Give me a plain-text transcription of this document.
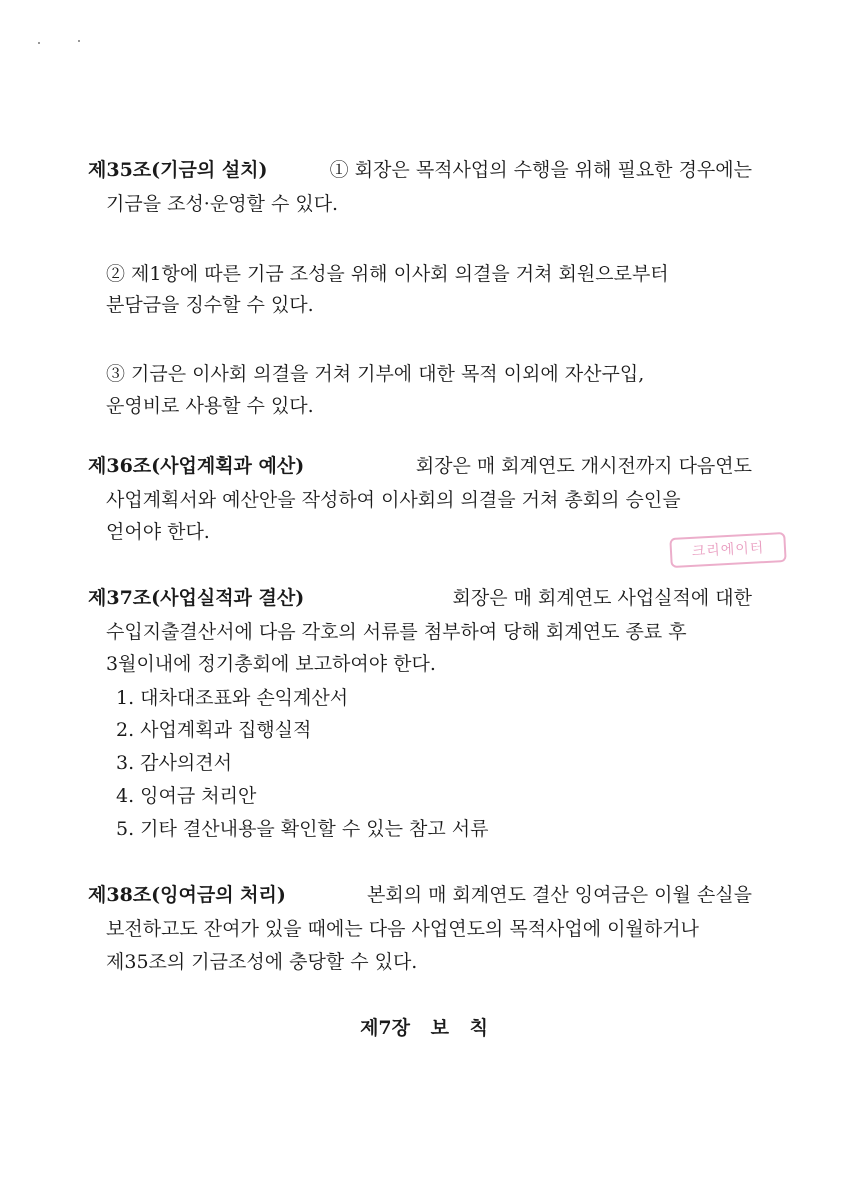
제35조(기금의 설치)	① 회장은 목적사업의 수행을 위해 필요한 경우에는
기금을 조성·운영할 수 있다.
② 제1항에 따른 기금 조성을 위해 이사회 의결을 거쳐 회원으로부터
분담금을 징수할 수 있다.
③ 기금은 이사회 의결을 거쳐 기부에 대한 목적 이외에 자산구입,
운영비로 사용할 수 있다.
제36조(사업계획과 예산)	회장은 매 회계연도 개시전까지 다음연도
사업계획서와 예산안을 작성하여 이사회의 의결을 거쳐 총회의 승인을
얻어야 한다.
크리에이터
제37조(사업실적과 결산)	회장은 매 회계연도 사업실적에 대한
수입지출결산서에 다음 각호의 서류를 첨부하여 당해 회계연도 종료 후
3월이내에 정기총회에 보고하여야 한다.
1. 대차대조표와 손익계산서
2. 사업계획과 집행실적
3. 감사의견서
4. 잉여금 처리안
5. 기타 결산내용을 확인할 수 있는 참고 서류
제38조(잉여금의 처리)	본회의 매 회계연도 결산 잉여금은 이월 손실을
보전하고도 잔여가 있을 때에는 다음 사업연도의 목적사업에 이월하거나
제35조의 기금조성에 충당할 수 있다.
제7장 보 칙
